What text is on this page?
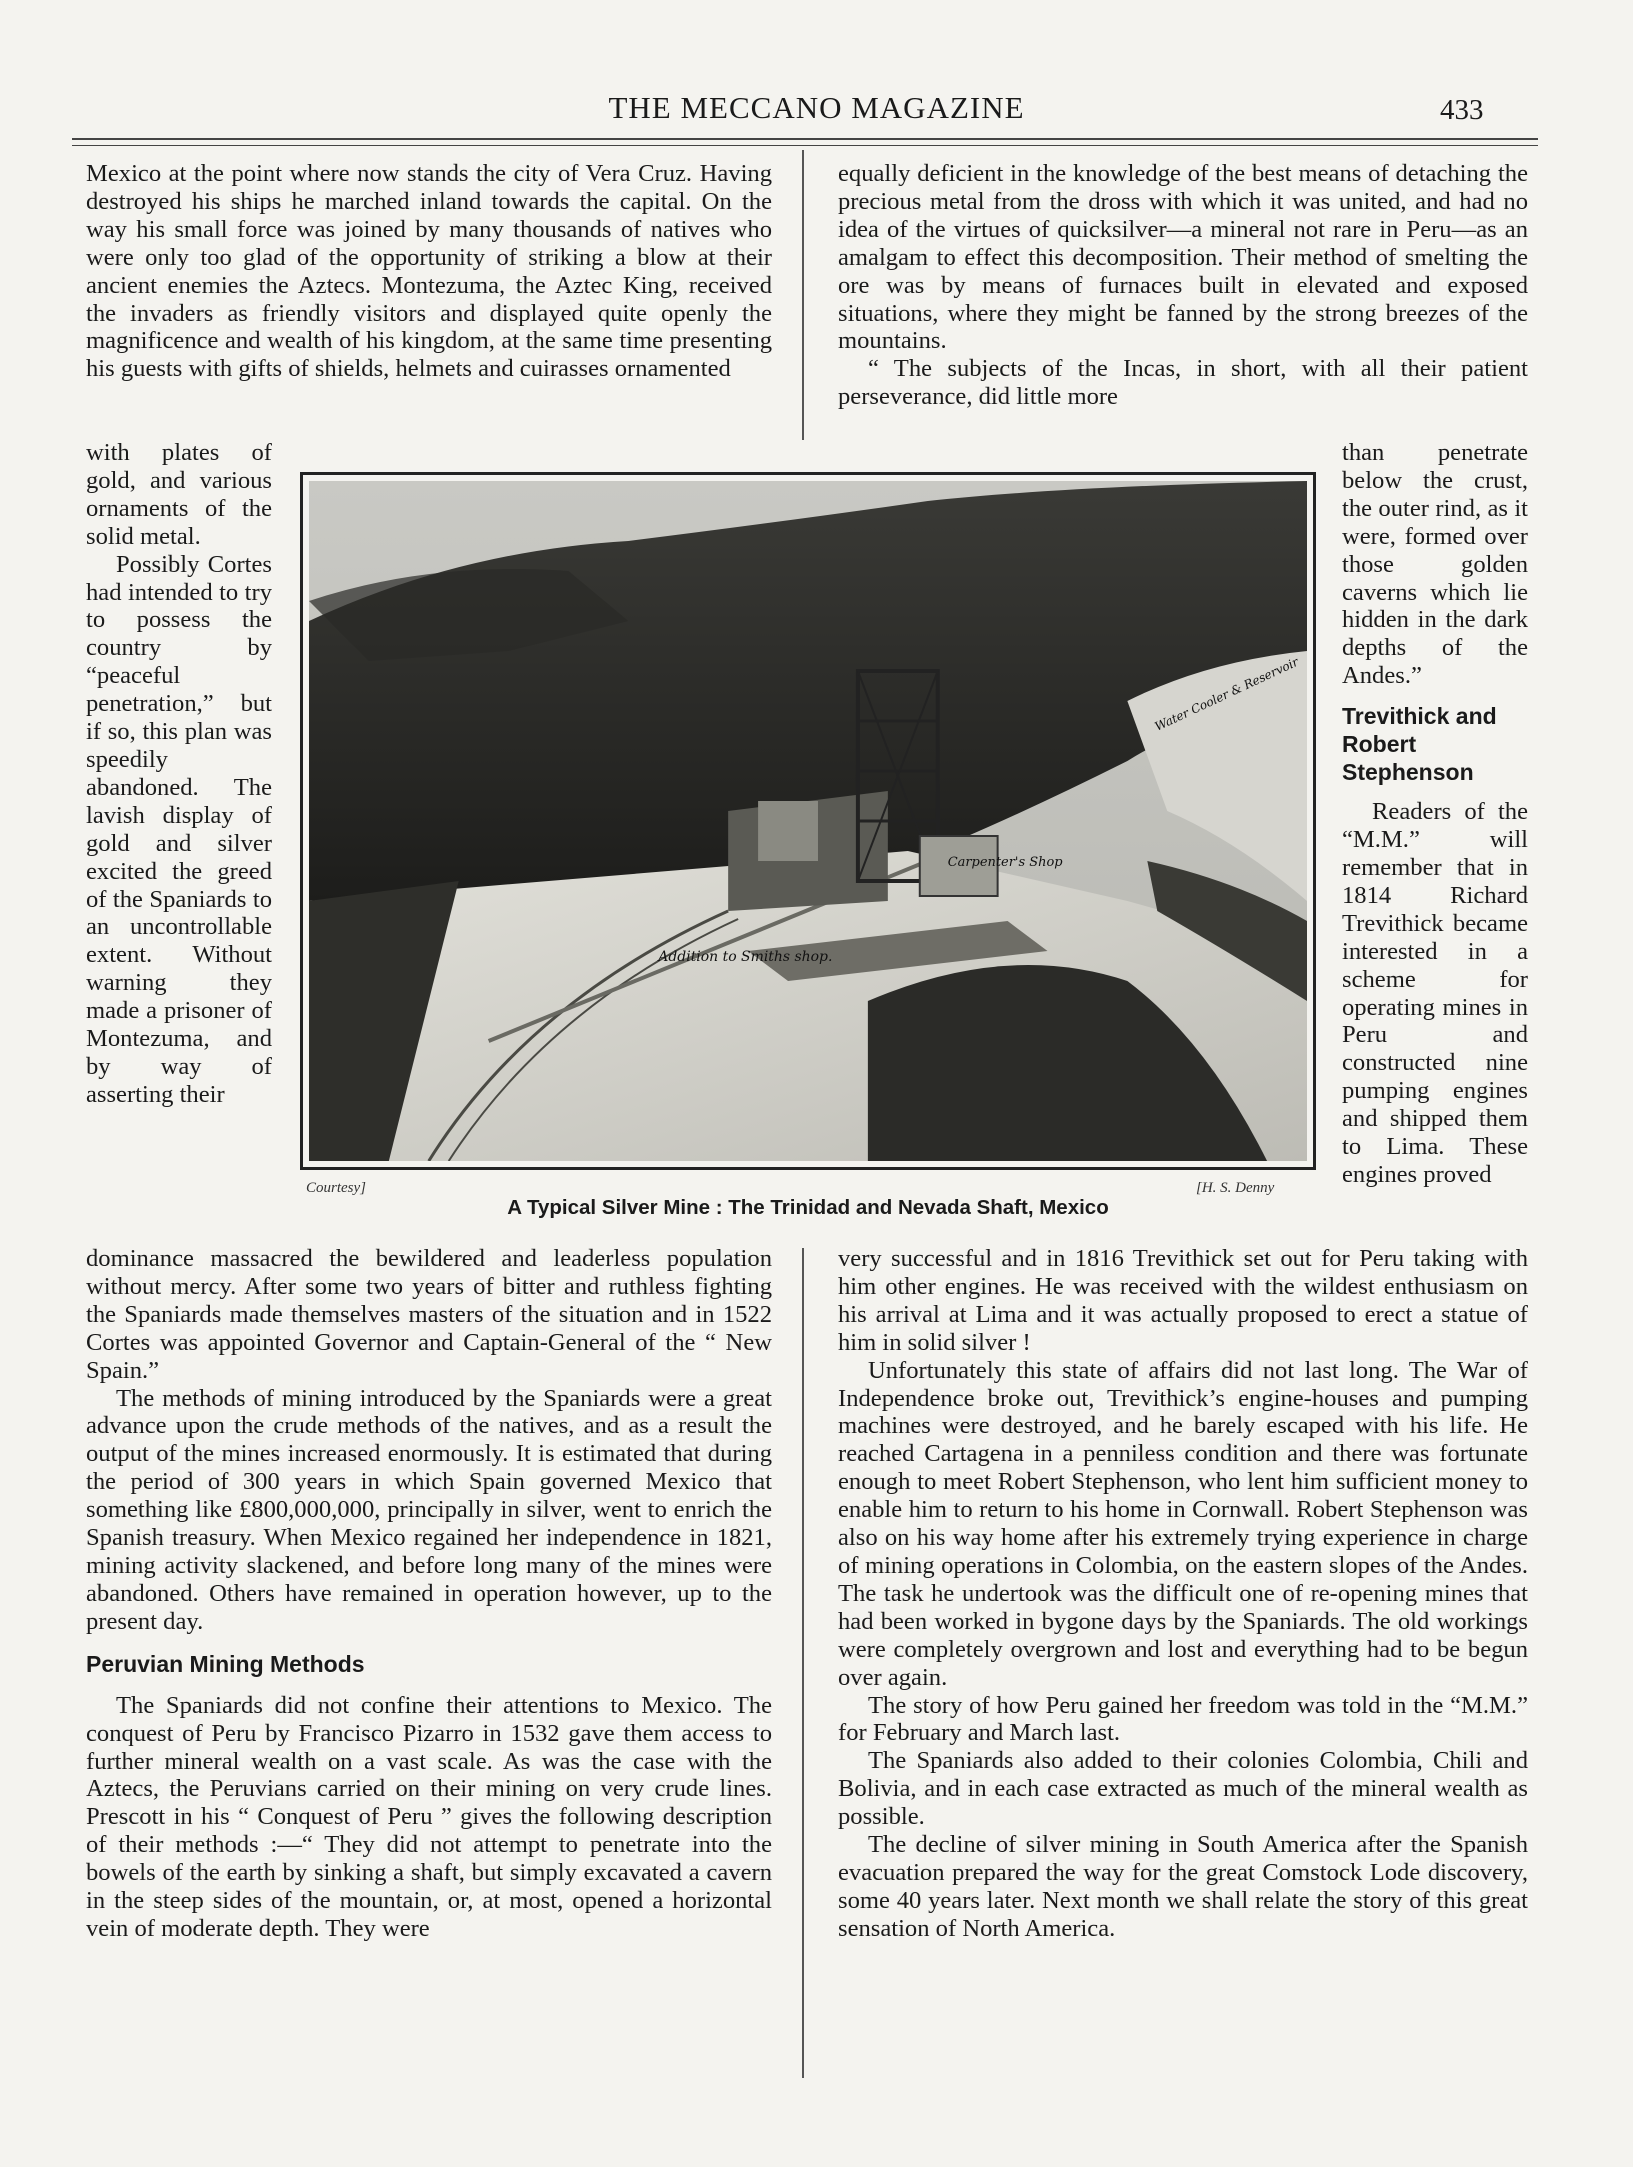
THE MECCANO MAGAZINE	433

Mexico at the point where now stands the city of Vera Cruz. Having destroyed his ships he marched inland towards the capital. On the way his small force was joined by many thousands of natives who were only too glad of the opportunity of striking a blow at their ancient enemies the Aztecs. Montezuma, the Aztec King, received the invaders as friendly visitors and displayed quite openly the magnificence and wealth of his kingdom, at the same time presenting his guests with gifts of shields, helmets and cuirasses ornamented

with plates of gold, and various ornaments of the solid metal.

Possibly Cortes had intended to try to possess the country by “peaceful penetration,” but if so, this plan was speedily abandoned. The lavish display of gold and silver excited the greed of the Spaniards to an uncontrollable extent. Without warning they made a prisoner of Montezuma, and by way of asserting their

dominance massacred the bewildered and leaderless population without mercy. After some two years of bitter and ruthless fighting the Spaniards made themselves masters of the situation and in 1522 Cortes was appointed Governor and Captain-General of the “ New Spain.”

The methods of mining introduced by the Spaniards were a great advance upon the crude methods of the natives, and as a result the output of the mines increased enormously. It is estimated that during the period of 300 years in which Spain governed Mexico that something like £800,000,000, principally in silver, went to enrich the Spanish treasury. When Mexico regained her independence in 1821, mining activity slackened, and before long many of the mines were abandoned. Others have remained in operation however, up to the present day.

Peruvian Mining Methods

The Spaniards did not confine their attentions to Mexico. The conquest of Peru by Francisco Pizarro in 1532 gave them access to further mineral wealth on a vast scale. As was the case with the Aztecs, the Peruvians carried on their mining on very crude lines. Prescott in his “ Conquest of Peru ” gives the following description of their methods :—“ They did not attempt to penetrate into the bowels of the earth by sinking a shaft, but simply excavated a cavern in the steep sides of the mountain, or, at most, opened a horizontal vein of moderate depth. They were

equally deficient in the knowledge of the best means of detaching the precious metal from the dross with which it was united, and had no idea of the virtues of quicksilver—a mineral not rare in Peru—as an amalgam to effect this decomposition. Their method of smelting the ore was by means of furnaces built in elevated and exposed situations, where they might be fanned by the strong breezes of the mountains.

“ The subjects of the Incas, in short, with all their patient perseverance, did little more

than penetrate below the crust, the outer rind, as it were, formed over those golden caverns which lie hidden in the dark depths of the Andes.”

Trevithick and Robert Stephenson

Readers of the “M.M.” will remember that in 1814 Richard Trevithick became interested in a scheme for operating mines in Peru and constructed nine pumping engines and shipped them to Lima. These engines proved

very successful and in 1816 Trevithick set out for Peru taking with him other engines. He was received with the wildest enthusiasm on his arrival at Lima and it was actually proposed to erect a statue of him in solid silver !

Unfortunately this state of affairs did not last long. The War of Independence broke out, Trevithick’s engine-houses and pumping machines were destroyed, and he barely escaped with his life. He reached Cartagena in a penniless condition and there was fortunate enough to meet Robert Stephenson, who lent him sufficient money to enable him to return to his home in Cornwall. Robert Stephenson was also on his way home after his extremely trying experience in charge of mining operations in Colombia, on the eastern slopes of the Andes. The task he undertook was the difficult one of re-opening mines that had been worked in bygone days by the Spaniards. The old workings were completely overgrown and lost and everything had to be begun over again.

The story of how Peru gained her freedom was told in the “M.M.” for February and March last.

The Spaniards also added to their colonies Colombia, Chili and Bolivia, and in each case extracted as much of the mineral wealth as possible.

The decline of silver mining in South America after the Spanish evacuation prepared the way for the great Comstock Lode discovery, some 40 years later. Next month we shall relate the story of this great sensation of North America.

Carpenter's Shop
Addition to Smiths shop.
Water Cooler & Reservoir
Courtesy]	[H. S. Denny
A Typical Silver Mine : The Trinidad and Nevada Shaft, Mexico
